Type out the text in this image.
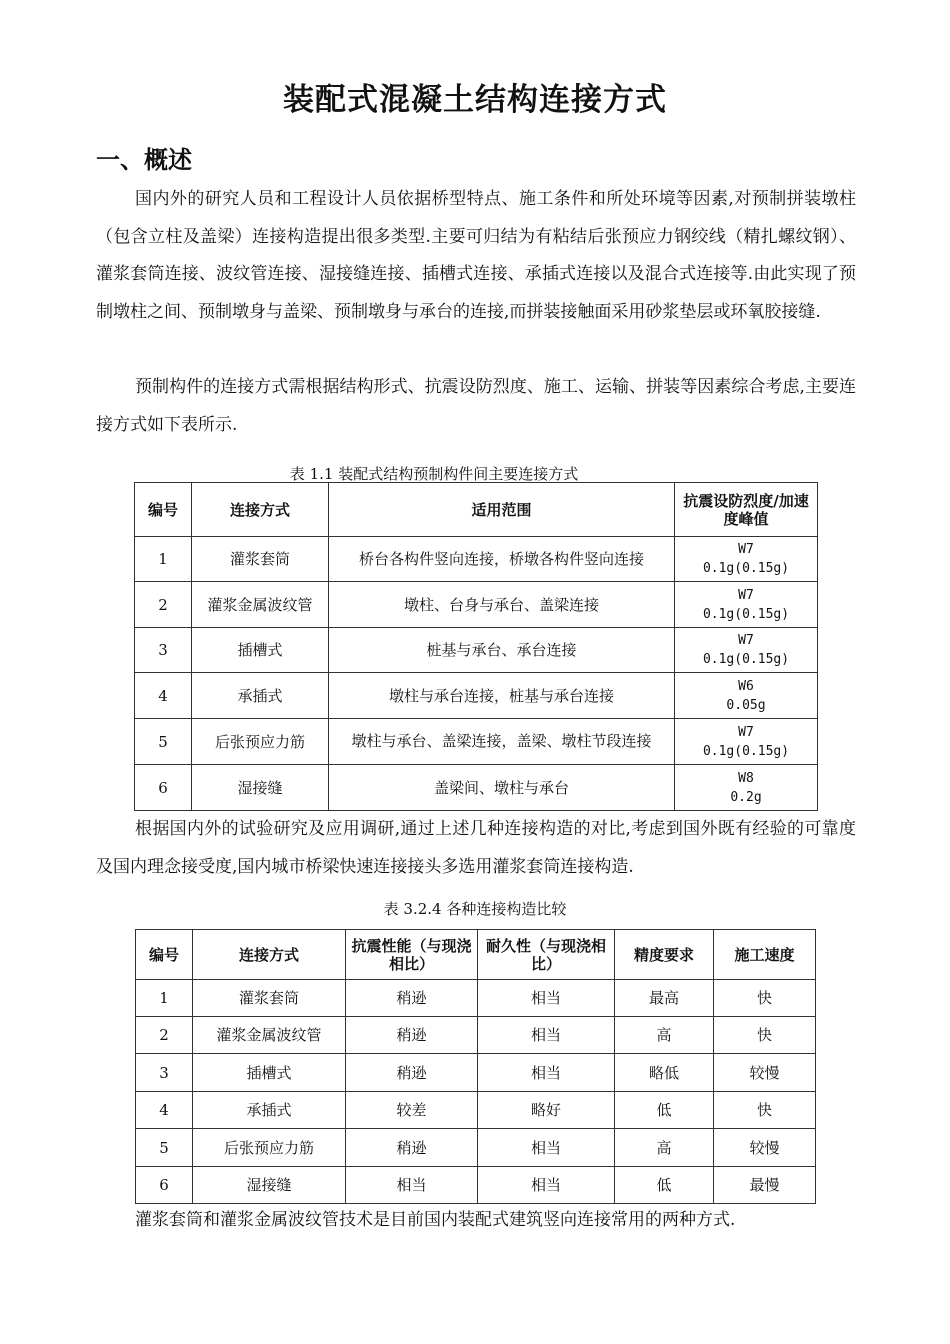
装配式混凝土结构连接方式
一、概述

国内外的研究人员和工程设计人员依据桥型特点、施工条件和所处环境等因素,对预制拼装墩柱（包含立柱及盖梁）连接构造提出很多类型.主要可归结为有粘结后张预应力钢绞线（精扎螺纹钢）、灌浆套筒连接、波纹管连接、湿接缝连接、插槽式连接、承插式连接以及混合式连接等.由此实现了预制墩柱之间、预制墩身与盖梁、预制墩身与承台的连接,而拼装接触面采用砂浆垫层或环氧胶接缝.

预制构件的连接方式需根据结构形式、抗震设防烈度、施工、运输、拼装等因素综合考虑,主要连接方式如下表所示.

表 1.1 装配式结构预制构件间主要连接方式
编号	连接方式	适用范围	抗震设防烈度/加速度峰值
1	灌浆套筒	桥台各构件竖向连接，桥墩各构件竖向连接	W7
0.1g(0.15g)

2	灌浆金属波纹管	墩柱、台身与承台、盖梁连接	W7
0.1g(0.15g)

3	插槽式	桩基与承台、承台连接	W7
0.1g(0.15g)

4	承插式	墩柱与承台连接，桩基与承台连接	W6
0.05g

5	后张预应力筋	墩柱与承台、盖梁连接，盖梁、墩柱节段连接	W7
0.1g(0.15g)

6	湿接缝	盖梁间、墩柱与承台	W8
0.2g

根据国内外的试验研究及应用调研,通过上述几种连接构造的对比,考虑到国外既有经验的可靠度及国内理念接受度,国内城市桥梁快速连接接头多选用灌浆套筒连接构造.

表 3.2.4 各种连接构造比较
编号	连接方式	抗震性能（与现浇相比）	耐久性（与现浇相比）	精度要求	施工速度
1	灌浆套筒	稍逊	相当	最高	快
2	灌浆金属波纹管	稍逊	相当	高	快
3	插槽式	稍逊	相当	略低	较慢
4	承插式	较差	略好	低	快
5	后张预应力筋	稍逊	相当	高	较慢
6	湿接缝	相当	相当	低	最慢

灌浆套筒和灌浆金属波纹管技术是目前国内装配式建筑竖向连接常用的两种方式.
